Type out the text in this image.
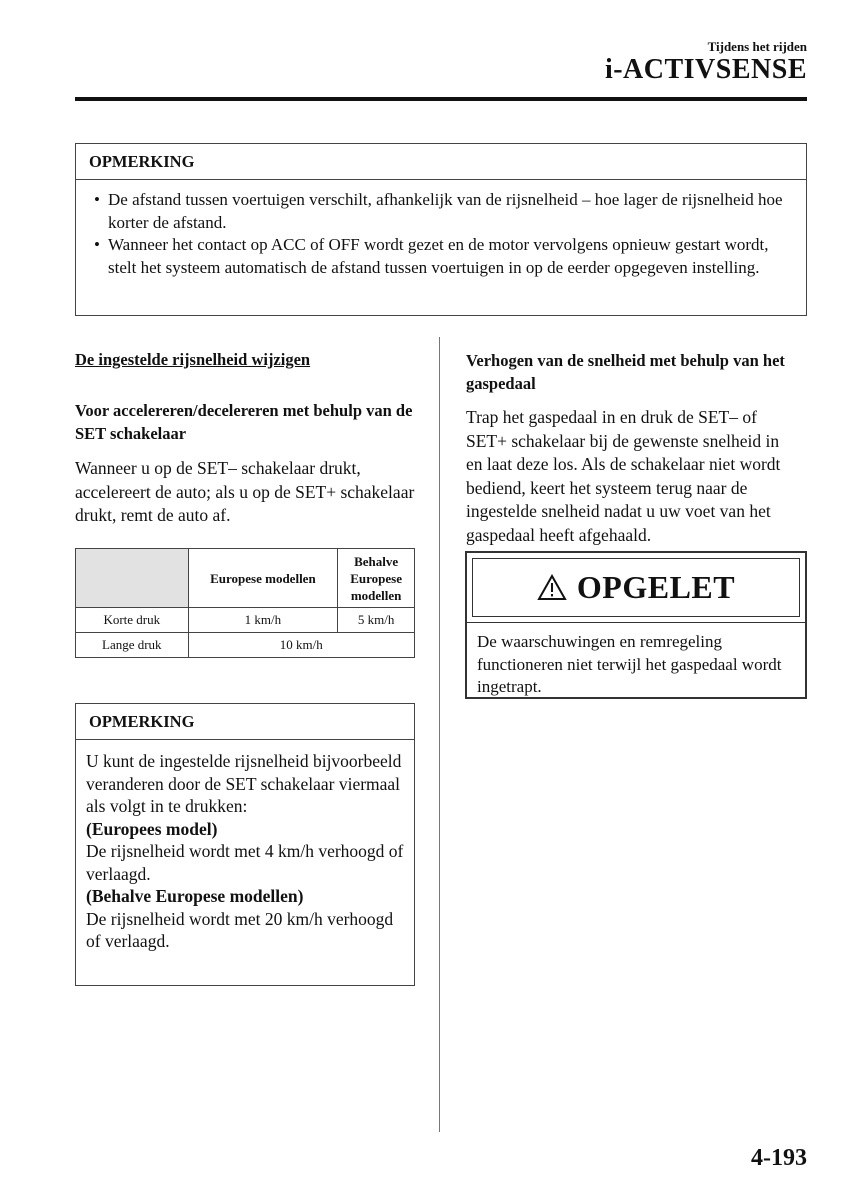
Tijdens het rijden
i-ACTIVSENSE
OPMERKING
• De afstand tussen voertuigen verschilt, afhankelijk van de rijsnelheid – hoe lager de rijsnelheid hoe korter de afstand.
• Wanneer het contact op ACC of OFF wordt gezet en de motor vervolgens opnieuw gestart wordt, stelt het systeem automatisch de afstand tussen voertuigen in op de eerder opgegeven instelling.
De ingestelde rijsnelheid wijzigen
Voor accelereren/decelereren met behulp van de SET schakelaar
Wanneer u op de SET– schakelaar drukt, accelereert de auto; als u op de SET+ schakelaar drukt, remt de auto af.
	Europese modellen	Behalve Europese modellen
Korte druk	1 km/h	5 km/h
Lange druk	10 km/h	
OPMERKING
U kunt de ingestelde rijsnelheid bijvoorbeeld veranderen door de SET schakelaar viermaal als volgt in te drukken:
(Europees model)
De rijsnelheid wordt met 4 km/h verhoogd of verlaagd.
(Behalve Europese modellen)
De rijsnelheid wordt met 20 km/h verhoogd of verlaagd.
Verhogen van de snelheid met behulp van het gaspedaal
Trap het gaspedaal in en druk de SET– of SET+ schakelaar bij de gewenste snelheid in en laat deze los. Als de schakelaar niet wordt bediend, keert het systeem terug naar de ingestelde snelheid nadat u uw voet van het gaspedaal heeft afgehaald.
OPGELET
De waarschuwingen en remregeling functioneren niet terwijl het gaspedaal wordt ingetrapt.
4-193
